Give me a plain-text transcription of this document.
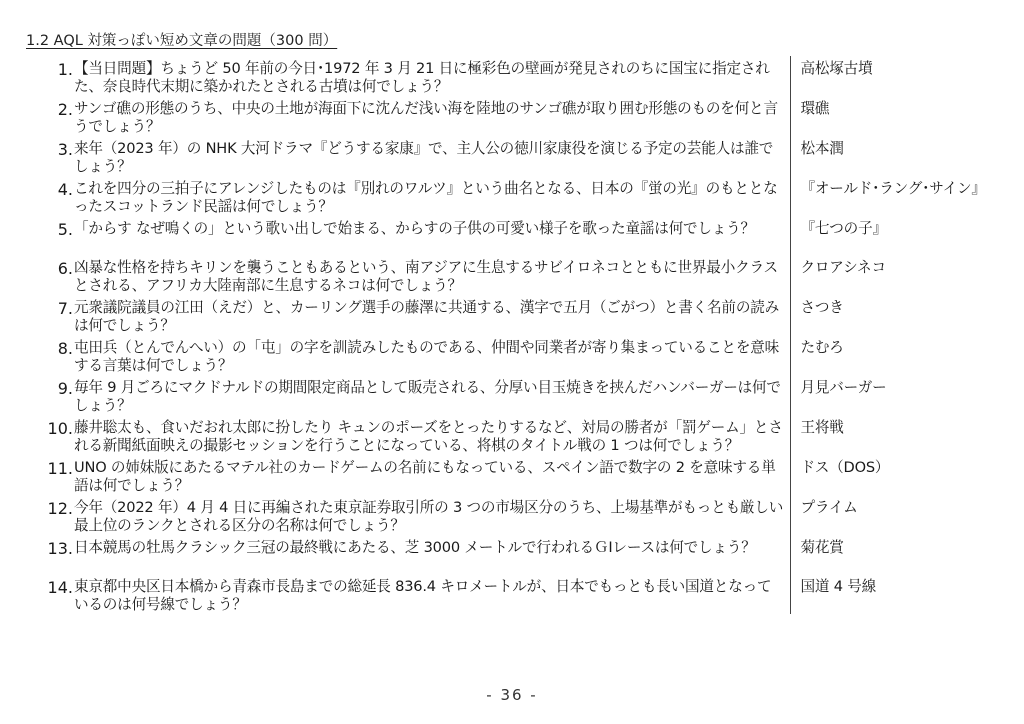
1.2 AQL 対策っぽい短め文章の問題（300 問）
1.	【当日問題】ちょうど 50 年前の今日･1972 年 3 月 21 日に極彩色の壁画が発見されのちに国宝に指定された、奈良時代末期に築かれたとされる古墳は何でしょう？	高松塚古墳
2.	サンゴ礁の形態のうち、中央の土地が海面下に沈んだ浅い海を陸地のサンゴ礁が取り囲む形態のものを何と言うでしょう？	環礁
3.	来年（2023 年）の NHK 大河ドラマ『どうする家康』で、主人公の徳川家康役を演じる予定の芸能人は誰でしょう？	松本潤
4.	これを四分の三拍子にアレンジしたものは『別れのワルツ』という曲名となる、日本の『蛍の光』のもととなったスコットランド民謡は何でしょう？	『オールド･ラング･サイン』
5.	「からす なぜ鳴くの」という歌い出しで始まる、からすの子供の可愛い様子を歌った童謡は何でしょう？	『七つの子』
6.	凶暴な性格を持ちキリンを襲うこともあるという、南アジアに生息するサビイロネコとともに世界最小クラスとされる、アフリカ大陸南部に生息するネコは何でしょう？	クロアシネコ
7.	元衆議院議員の江田（えだ）と、カーリング選手の藤澤に共通する、漢字で五月（ごがつ）と書く名前の読みは何でしょう？	さつき
8.	屯田兵（とんでんへい）の「屯」の字を訓読みしたものである、仲間や同業者が寄り集まっていることを意味する言葉は何でしょう？	たむろ
9.	毎年 9 月ごろにマクドナルドの期間限定商品として販売される、分厚い目玉焼きを挟んだハンバーガーは何でしょう？	月見バーガー
10.	藤井聡太も、食いだおれ太郎に扮したり キュンのポーズをとったりするなど、対局の勝者が「罰ゲーム」とされる新聞紙面映えの撮影セッションを行うことになっている、将棋のタイトル戦の 1 つは何でしょう？	王将戦
11.	UNO の姉妹版にあたるマテル社のカードゲームの名前にもなっている、スペイン語で数字の 2 を意味する単語は何でしょう？	ドス（DOS）
12.	今年（2022 年）4 月 4 日に再編された東京証券取引所の 3 つの市場区分のうち、上場基準がもっとも厳しい最上位のランクとされる区分の名称は何でしょう？	プライム
13.	日本競馬の牡馬クラシック三冠の最終戦にあたる、芝 3000 メートルで行われるＧⅠレースは何でしょう？	菊花賞
14.	東京都中央区日本橋から青森市長島までの総延長 836.4 キロメートルが、日本でもっとも長い国道となっているのは何号線でしょう？	国道 4 号線
- 36 -
